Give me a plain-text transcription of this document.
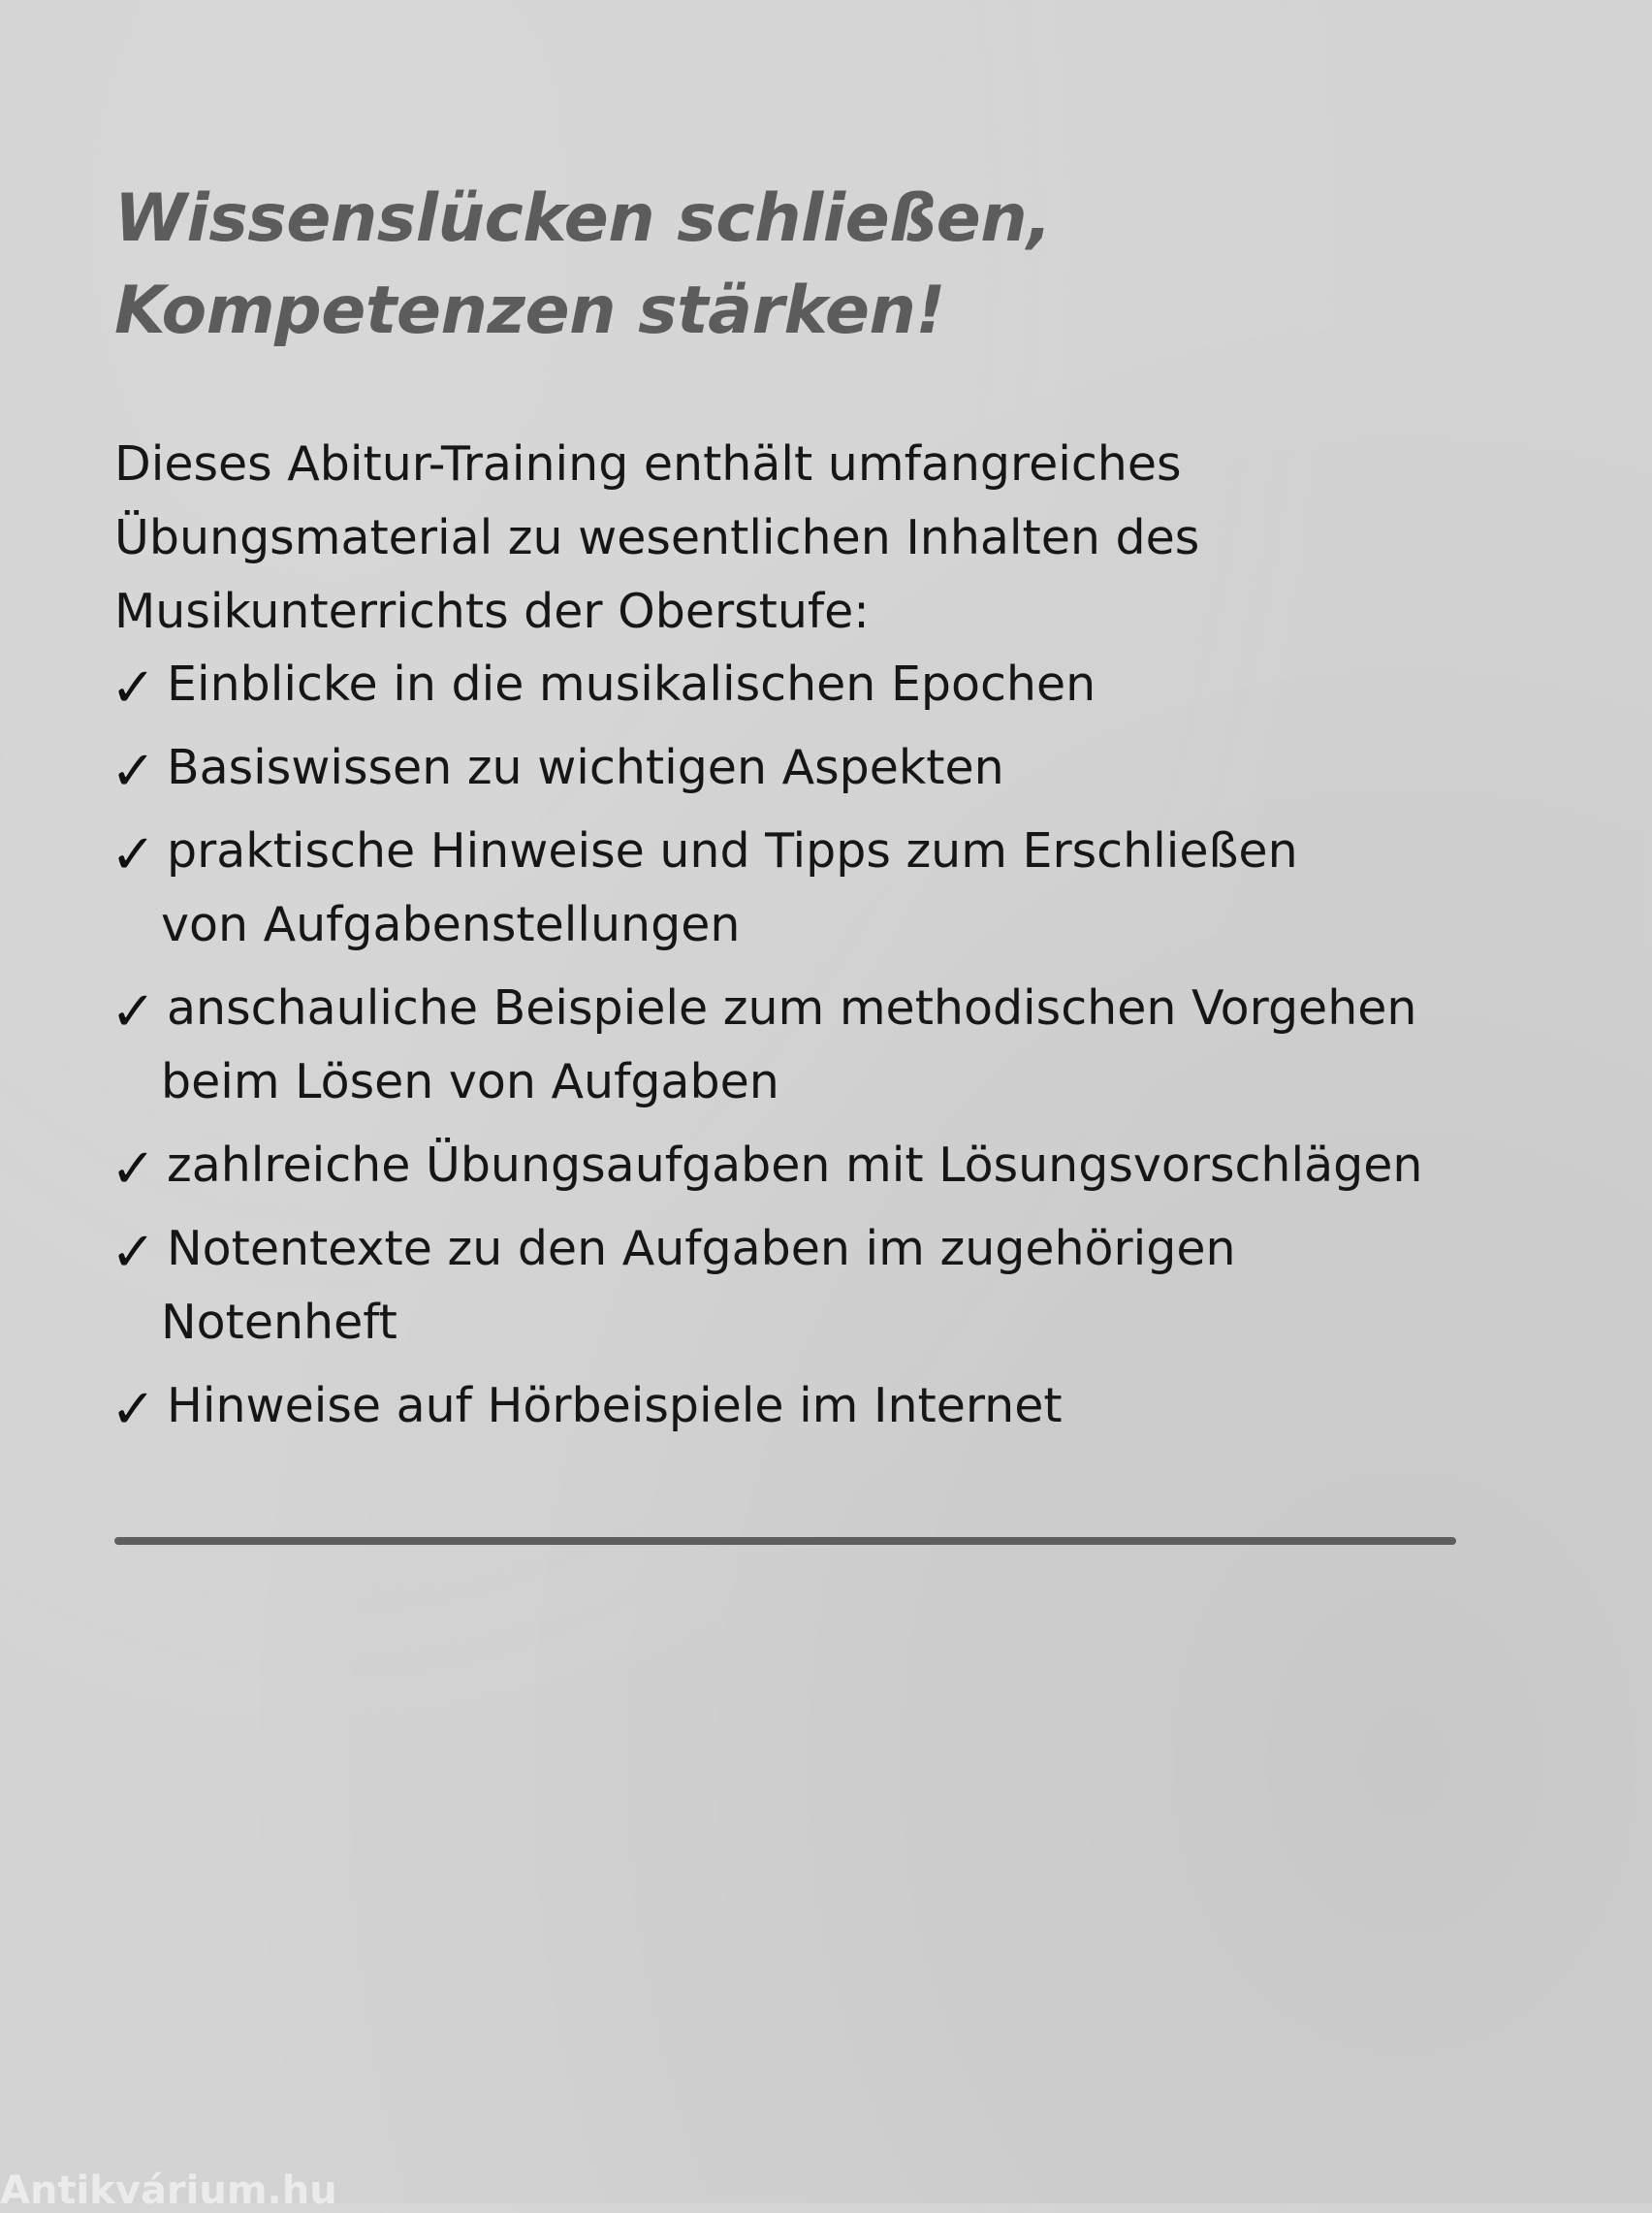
Wissenslücken schließen,
Kompetenzen stärken!

Dieses Abitur-Training enthält umfangreiches
Übungsmaterial zu wesentlichen Inhalten des
Musikunterrichts der Oberstufe:

✓ Einblicke in die musikalischen Epochen
✓ Basiswissen zu wichtigen Aspekten
✓ praktische Hinweise und Tipps zum Erschließen
von Aufgabenstellungen
✓ anschauliche Beispiele zum methodischen Vorgehen
beim Lösen von Aufgaben
✓ zahlreiche Übungsaufgaben mit Lösungsvorschlägen
✓ Notentexte zu den Aufgaben im zugehörigen
Notenheft
✓ Hinweise auf Hörbeispiele im Internet
Antikvárium.hu
